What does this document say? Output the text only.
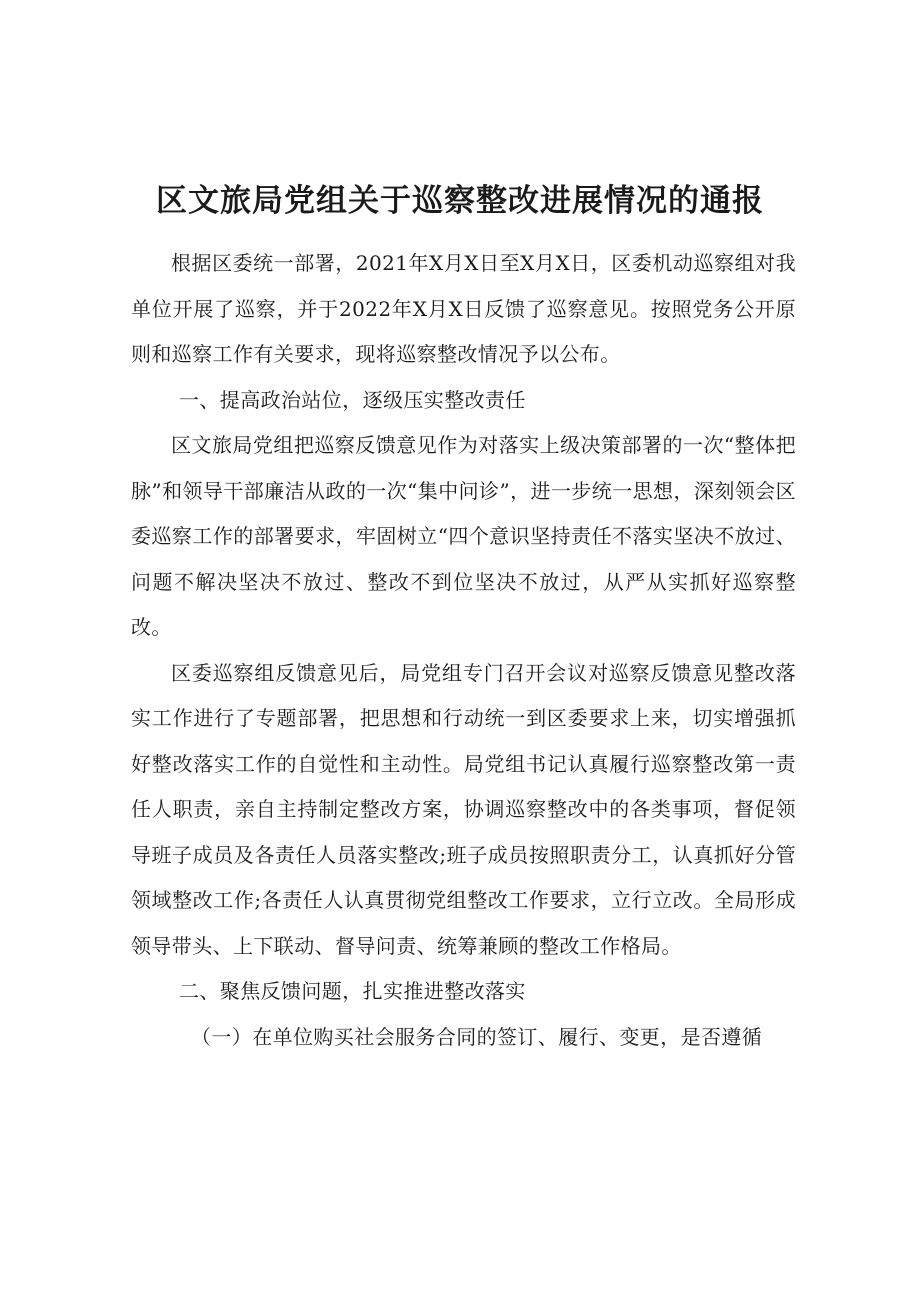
区文旅局党组关于巡察整改进展情况的通报

根据区委统一部署，2021年X月X日至X月X日，区委机动巡察组对我单位开展了巡察，并于2022年X月X日反馈了巡察意见。按照党务公开原则和巡察工作有关要求，现将巡察整改情况予以公布。

一、提高政治站位，逐级压实整改责任

区文旅局党组把巡察反馈意见作为对落实上级决策部署的一次“整体把脉”和领导干部廉洁从政的一次“集中问诊”，进一步统一思想，深刻领会区委巡察工作的部署要求，牢固树立“四个意识坚持责任不落实坚决不放过、问题不解决坚决不放过、整改不到位坚决不放过，从严从实抓好巡察整改。

区委巡察组反馈意见后，局党组专门召开会议对巡察反馈意见整改落实工作进行了专题部署，把思想和行动统一到区委要求上来，切实增强抓好整改落实工作的自觉性和主动性。局党组书记认真履行巡察整改第一责任人职责，亲自主持制定整改方案，协调巡察整改中的各类事项，督促领导班子成员及各责任人员落实整改;班子成员按照职责分工，认真抓好分管领域整改工作;各责任人认真贯彻党组整改工作要求，立行立改。全局形成领导带头、上下联动、督导问责、统筹兼顾的整改工作格局。

二、聚焦反馈问题，扎实推进整改落实

（一）在单位购买社会服务合同的签订、履行、变更，是否遵循
